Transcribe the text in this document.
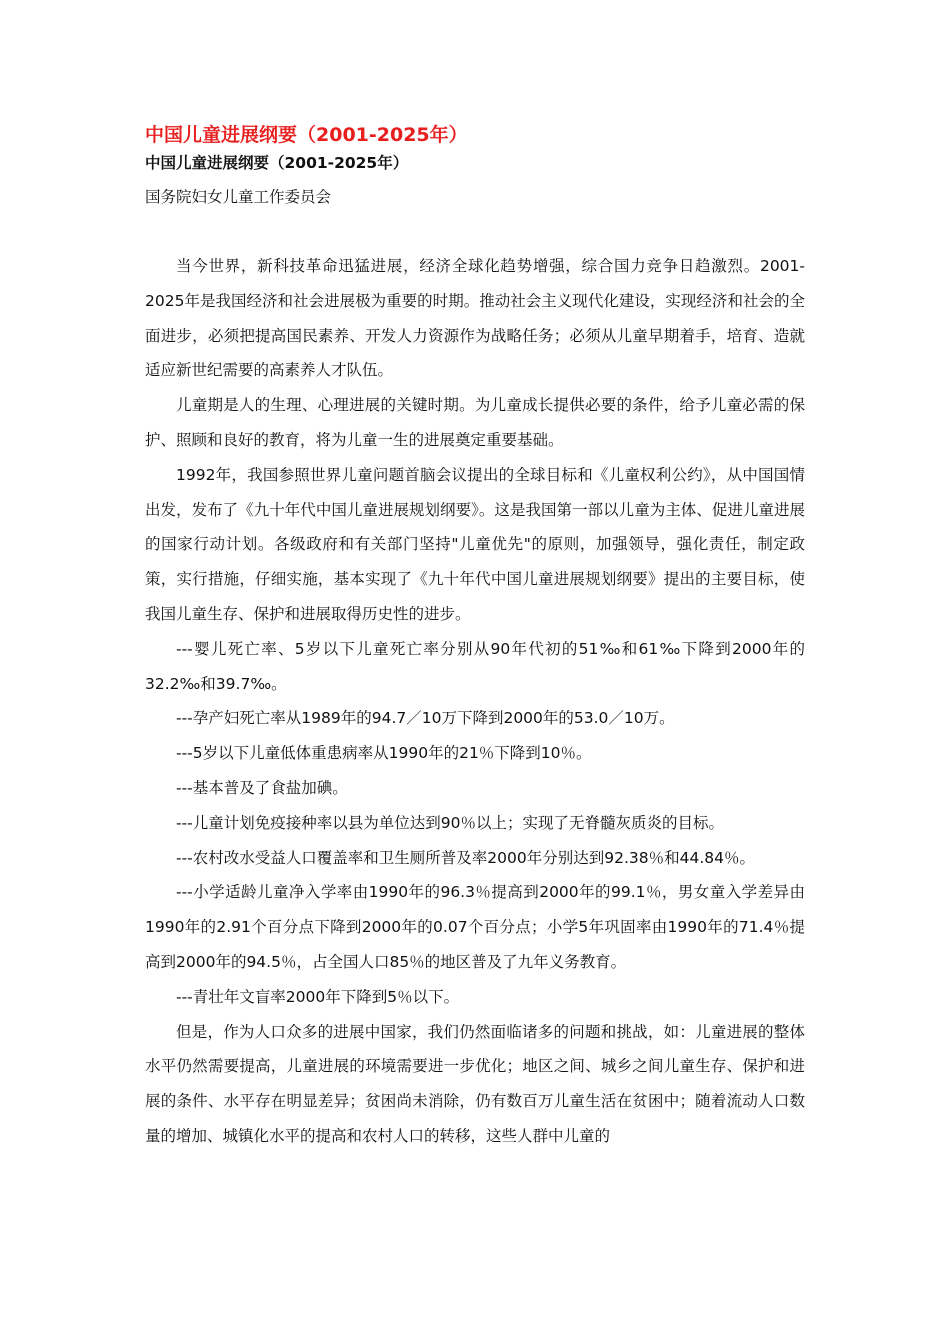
中国儿童进展纲要（2001-2025年）
中国儿童进展纲要（2001-2025年）
国务院妇女儿童工作委员会

当今世界，新科技革命迅猛进展，经济全球化趋势增强，综合国力竞争日趋激烈。2001-2025年是我国经济和社会进展极为重要的时期。推动社会主义现代化建设，实现经济和社会的全面进步，必须把提高国民素养、开发人力资源作为战略任务；必须从儿童早期着手，培育、造就适应新世纪需要的高素养人才队伍。

儿童期是人的生理、心理进展的关键时期。为儿童成长提供必要的条件，给予儿童必需的保护、照顾和良好的教育，将为儿童一生的进展奠定重要基础。

1992年，我国参照世界儿童问题首脑会议提出的全球目标和《儿童权利公约》，从中国国情出发，发布了《九十年代中国儿童进展规划纲要》。这是我国第一部以儿童为主体、促进儿童进展的国家行动计划。各级政府和有关部门坚持"儿童优先"的原则，加强领导，强化责任，制定政策，实行措施，仔细实施，基本实现了《九十年代中国儿童进展规划纲要》提出的主要目标，使我国儿童生存、保护和进展取得历史性的进步。

---婴儿死亡率、5岁以下儿童死亡率分别从90年代初的51‰和61‰下降到2000年的32.2‰和39.7‰。

---孕产妇死亡率从1989年的94.7／10万下降到2000年的53.0／10万。

---5岁以下儿童低体重患病率从1990年的21％下降到10％。

---基本普及了食盐加碘。

---儿童计划免疫接种率以县为单位达到90％以上；实现了无脊髓灰质炎的目标。

---农村改水受益人口覆盖率和卫生厕所普及率2000年分别达到92.38％和44.84％。

---小学适龄儿童净入学率由1990年的96.3％提高到2000年的99.1％，男女童入学差异由1990年的2.91个百分点下降到2000年的0.07个百分点；小学5年巩固率由1990年的71.4％提高到2000年的94.5％，占全国人口85％的地区普及了九年义务教育。

---青壮年文盲率2000年下降到5％以下。

但是，作为人口众多的进展中国家，我们仍然面临诸多的问题和挑战，如：儿童进展的整体水平仍然需要提高，儿童进展的环境需要进一步优化；地区之间、城乡之间儿童生存、保护和进展的条件、水平存在明显差异；贫困尚未消除，仍有数百万儿童生活在贫困中；随着流动人口数量的增加、城镇化水平的提高和农村人口的转移，这些人群中儿童的
